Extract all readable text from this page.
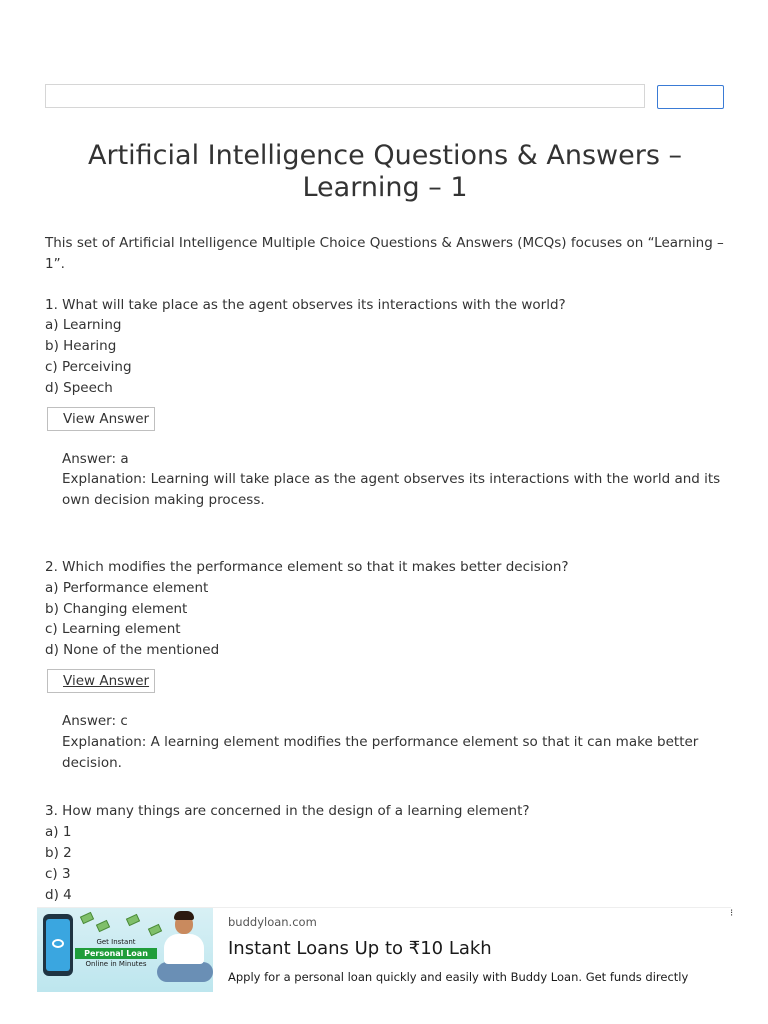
Artificial Intelligence Questions & Answers – Learning – 1

This set of Artificial Intelligence Multiple Choice Questions & Answers (MCQs) focuses on “Learning – 1”.

1. What will take place as the agent observes its interactions with the world?
a) Learning
b) Hearing
c) Perceiving
d) Speech
View Answer
Answer: a
Explanation: Learning will take place as the agent observes its interactions with the world and its own decision making process.
2. Which modifies the performance element so that it makes better decision?
a) Performance element
b) Changing element
c) Learning element
d) None of the mentioned
View Answer
Answer: c
Explanation: A learning element modifies the performance element so that it can make better decision.
3. How many things are concerned in the design of a learning element?
a) 1
b) 2
c) 3
d) 4
Get Instant
Personal Loan
Online in Minutes
buddyloan.com
Instant Loans Up to ₹10 Lakh
Apply for a personal loan quickly and easily with Buddy Loan. Get funds directly
⁝
